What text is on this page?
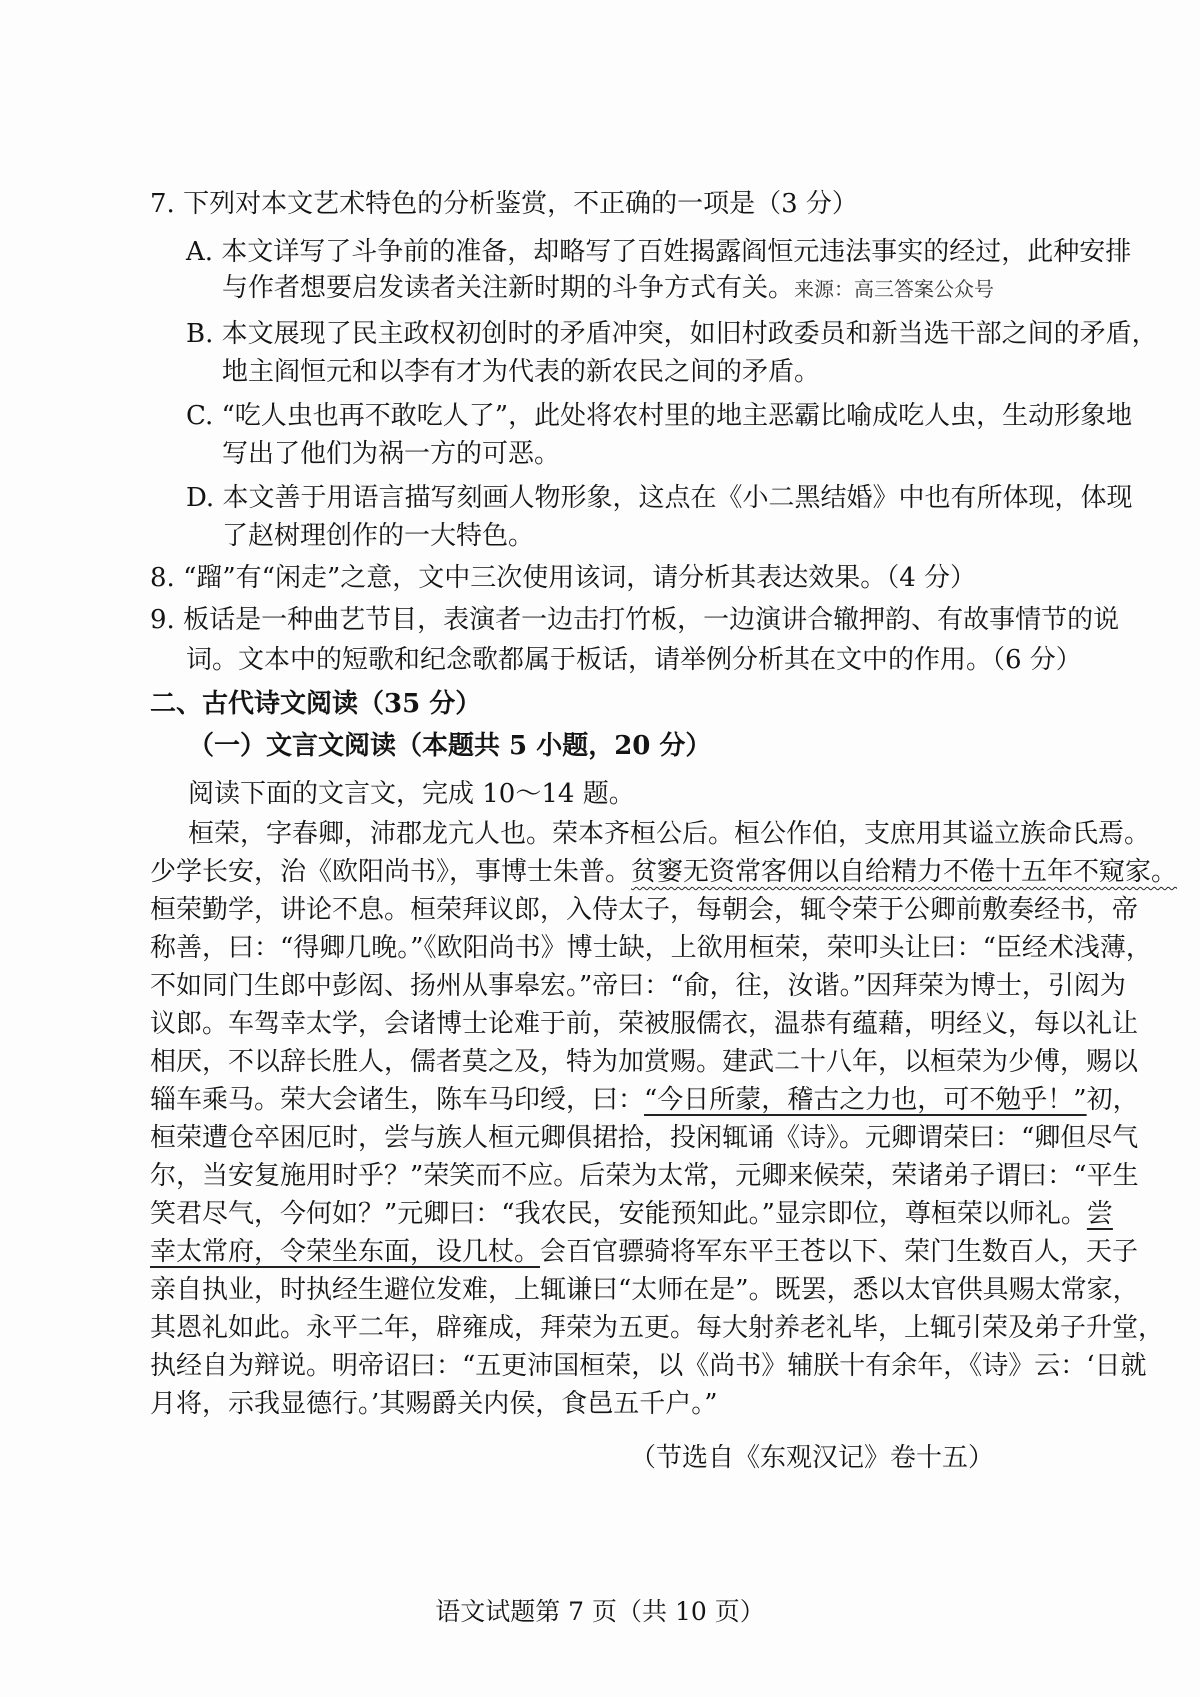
7. 下列对本文艺术特色的分析鉴赏，不正确的一项是（3 分）
A. 本文详写了斗争前的准备，却略写了百姓揭露阎恒元违法事实的经过，此种安排
与作者想要启发读者关注新时期的斗争方式有关。来源：高三答案公众号
B. 本文展现了民主政权初创时的矛盾冲突，如旧村政委员和新当选干部之间的矛盾，
地主阎恒元和以李有才为代表的新农民之间的矛盾。
C. “吃人虫也再不敢吃人了”，此处将农村里的地主恶霸比喻成吃人虫，生动形象地
写出了他们为祸一方的可恶。
D. 本文善于用语言描写刻画人物形象，这点在《小二黑结婚》中也有所体现，体现
了赵树理创作的一大特色。
8. “蹓”有“闲走”之意，文中三次使用该词，请分析其表达效果。（4 分）
9. 板话是一种曲艺节目，表演者一边击打竹板，一边演讲合辙押韵、有故事情节的说
词。文本中的短歌和纪念歌都属于板话，请举例分析其在文中的作用。（6 分）
二、古代诗文阅读（35 分）
（一）文言文阅读（本题共 5 小题，20 分）
阅读下面的文言文，完成 10～14 题。
桓荣，字春卿，沛郡龙亢人也。荣本齐桓公后。桓公作伯，支庶用其谥立族命氏焉。
少学长安，治《欧阳尚书》，事博士朱普。贫窭无资常客佣以自给精力不倦十五年不窥家。
桓荣勤学，讲论不息。桓荣拜议郎，入侍太子，每朝会，辄令荣于公卿前敷奏经书，帝
称善，曰：“得卿几晚。”《欧阳尚书》博士缺，上欲用桓荣，荣叩头让曰：“臣经术浅薄，
不如同门生郎中彭闳、扬州从事皋宏。”帝曰：“俞，往，汝谐。”因拜荣为博士，引闳为
议郎。车驾幸太学，会诸博士论难于前，荣被服儒衣，温恭有蕴藉，明经义，每以礼让
相厌，不以辞长胜人，儒者莫之及，特为加赏赐。建武二十八年，以桓荣为少傅，赐以
辎车乘马。荣大会诸生，陈车马印绶，曰：“今日所蒙，稽古之力也，可不勉乎！”初，
桓荣遭仓卒困厄时，尝与族人桓元卿俱捃拾，投闲辄诵《诗》。元卿谓荣曰：“卿但尽气
尔，当安复施用时乎？”荣笑而不应。后荣为太常，元卿来候荣，荣诸弟子谓曰：“平生
笑君尽气，今何如？”元卿曰：“我农民，安能预知此。”显宗即位，尊桓荣以师礼。尝
幸太常府，令荣坐东面，设几杖。会百官骠骑将军东平王苍以下、荣门生数百人，天子
亲自执业，时执经生避位发难，上辄谦曰“太师在是”。既罢，悉以太官供具赐太常家，
其恩礼如此。永平二年，辟雍成，拜荣为五更。每大射养老礼毕，上辄引荣及弟子升堂，
执经自为辩说。明帝诏曰：“五更沛国桓荣，以《尚书》辅朕十有余年，《诗》云：‘日就
月将，示我显德行。’其赐爵关内侯，食邑五千户。”
（节选自《东观汉记》卷十五）
语文试题第 7 页（共 10 页）
